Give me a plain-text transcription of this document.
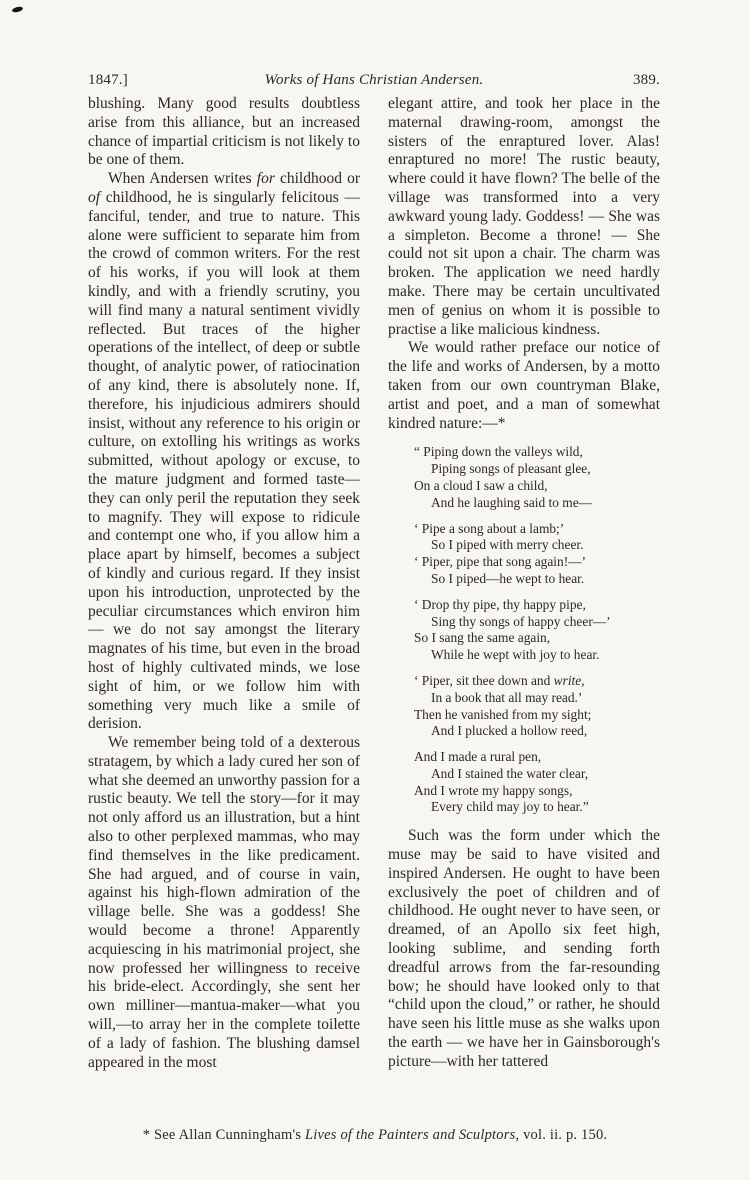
1847.]	Works of Hans Christian Andersen.	389.

blushing. Many good results doubtless arise from this alliance, but an increased chance of impartial criticism is not likely to be one of them.

When Andersen writes for childhood or of childhood, he is singularly felicitous — fanciful, tender, and true to nature. This alone were sufficient to separate him from the crowd of common writers. For the rest of his works, if you will look at them kindly, and with a friendly scrutiny, you will find many a natural sentiment vividly reflected. But traces of the higher operations of the intellect, of deep or subtle thought, of analytic power, of ratiocination of any kind, there is absolutely none. If, therefore, his injudicious admirers should insist, without any reference to his origin or culture, on extolling his writings as works submitted, without apology or excuse, to the mature judgment and formed taste—they can only peril the reputation they seek to magnify. They will expose to ridicule and contempt one who, if you allow him a place apart by himself, becomes a subject of kindly and curious regard. If they insist upon his introduction, unprotected by the peculiar circumstances which environ him — we do not say amongst the literary magnates of his time, but even in the broad host of highly cultivated minds, we lose sight of him, or we follow him with something very much like a smile of derision.

We remember being told of a dexterous stratagem, by which a lady cured her son of what she deemed an unworthy passion for a rustic beauty. We tell the story—for it may not only afford us an illustration, but a hint also to other perplexed mammas, who may find themselves in the like predicament. She had argued, and of course in vain, against his high-flown admiration of the village belle. She was a goddess! She would become a throne! Apparently acquiescing in his matrimonial project, she now professed her willingness to receive his bride-elect. Accordingly, she sent her own milliner—mantua-maker—what you will,—to array her in the complete toilette of a lady of fashion. The blushing damsel appeared in the most

elegant attire, and took her place in the maternal drawing-room, amongst the sisters of the enraptured lover. Alas! enraptured no more! The rustic beauty, where could it have flown? The belle of the village was transformed into a very awkward young lady. Goddess! — She was a simpleton. Become a throne! — She could not sit upon a chair. The charm was broken. The application we need hardly make. There may be certain uncultivated men of genius on whom it is possible to practise a like malicious kindness.

We would rather preface our notice of the life and works of Andersen, by a motto taken from our own countryman Blake, artist and poet, and a man of somewhat kindred nature:—*

“ Piping down the valleys wild,
Piping songs of pleasant glee,
On a cloud I saw a child,
And he laughing said to me—
‘ Pipe a song about a lamb;’
So I piped with merry cheer.
‘ Piper, pipe that song again!—’
So I piped—he wept to hear.
‘ Drop thy pipe, thy happy pipe,
Sing thy songs of happy cheer—’
So I sang the same again,
While he wept with joy to hear.
‘ Piper, sit thee down and write,
In a book that all may read.’
Then he vanished from my sight;
And I plucked a hollow reed,
And I made a rural pen,
And I stained the water clear,
And I wrote my happy songs,
Every child may joy to hear.”

Such was the form under which the muse may be said to have visited and inspired Andersen. He ought to have been exclusively the poet of children and of childhood. He ought never to have seen, or dreamed, of an Apollo six feet high, looking sublime, and sending forth dreadful arrows from the far-resounding bow; he should have looked only to that “child upon the cloud,” or rather, he should have seen his little muse as she walks upon the earth — we have her in Gainsborough's picture—with her tattered

* See Allan Cunningham's Lives of the Painters and Sculptors, vol. ii. p. 150.
